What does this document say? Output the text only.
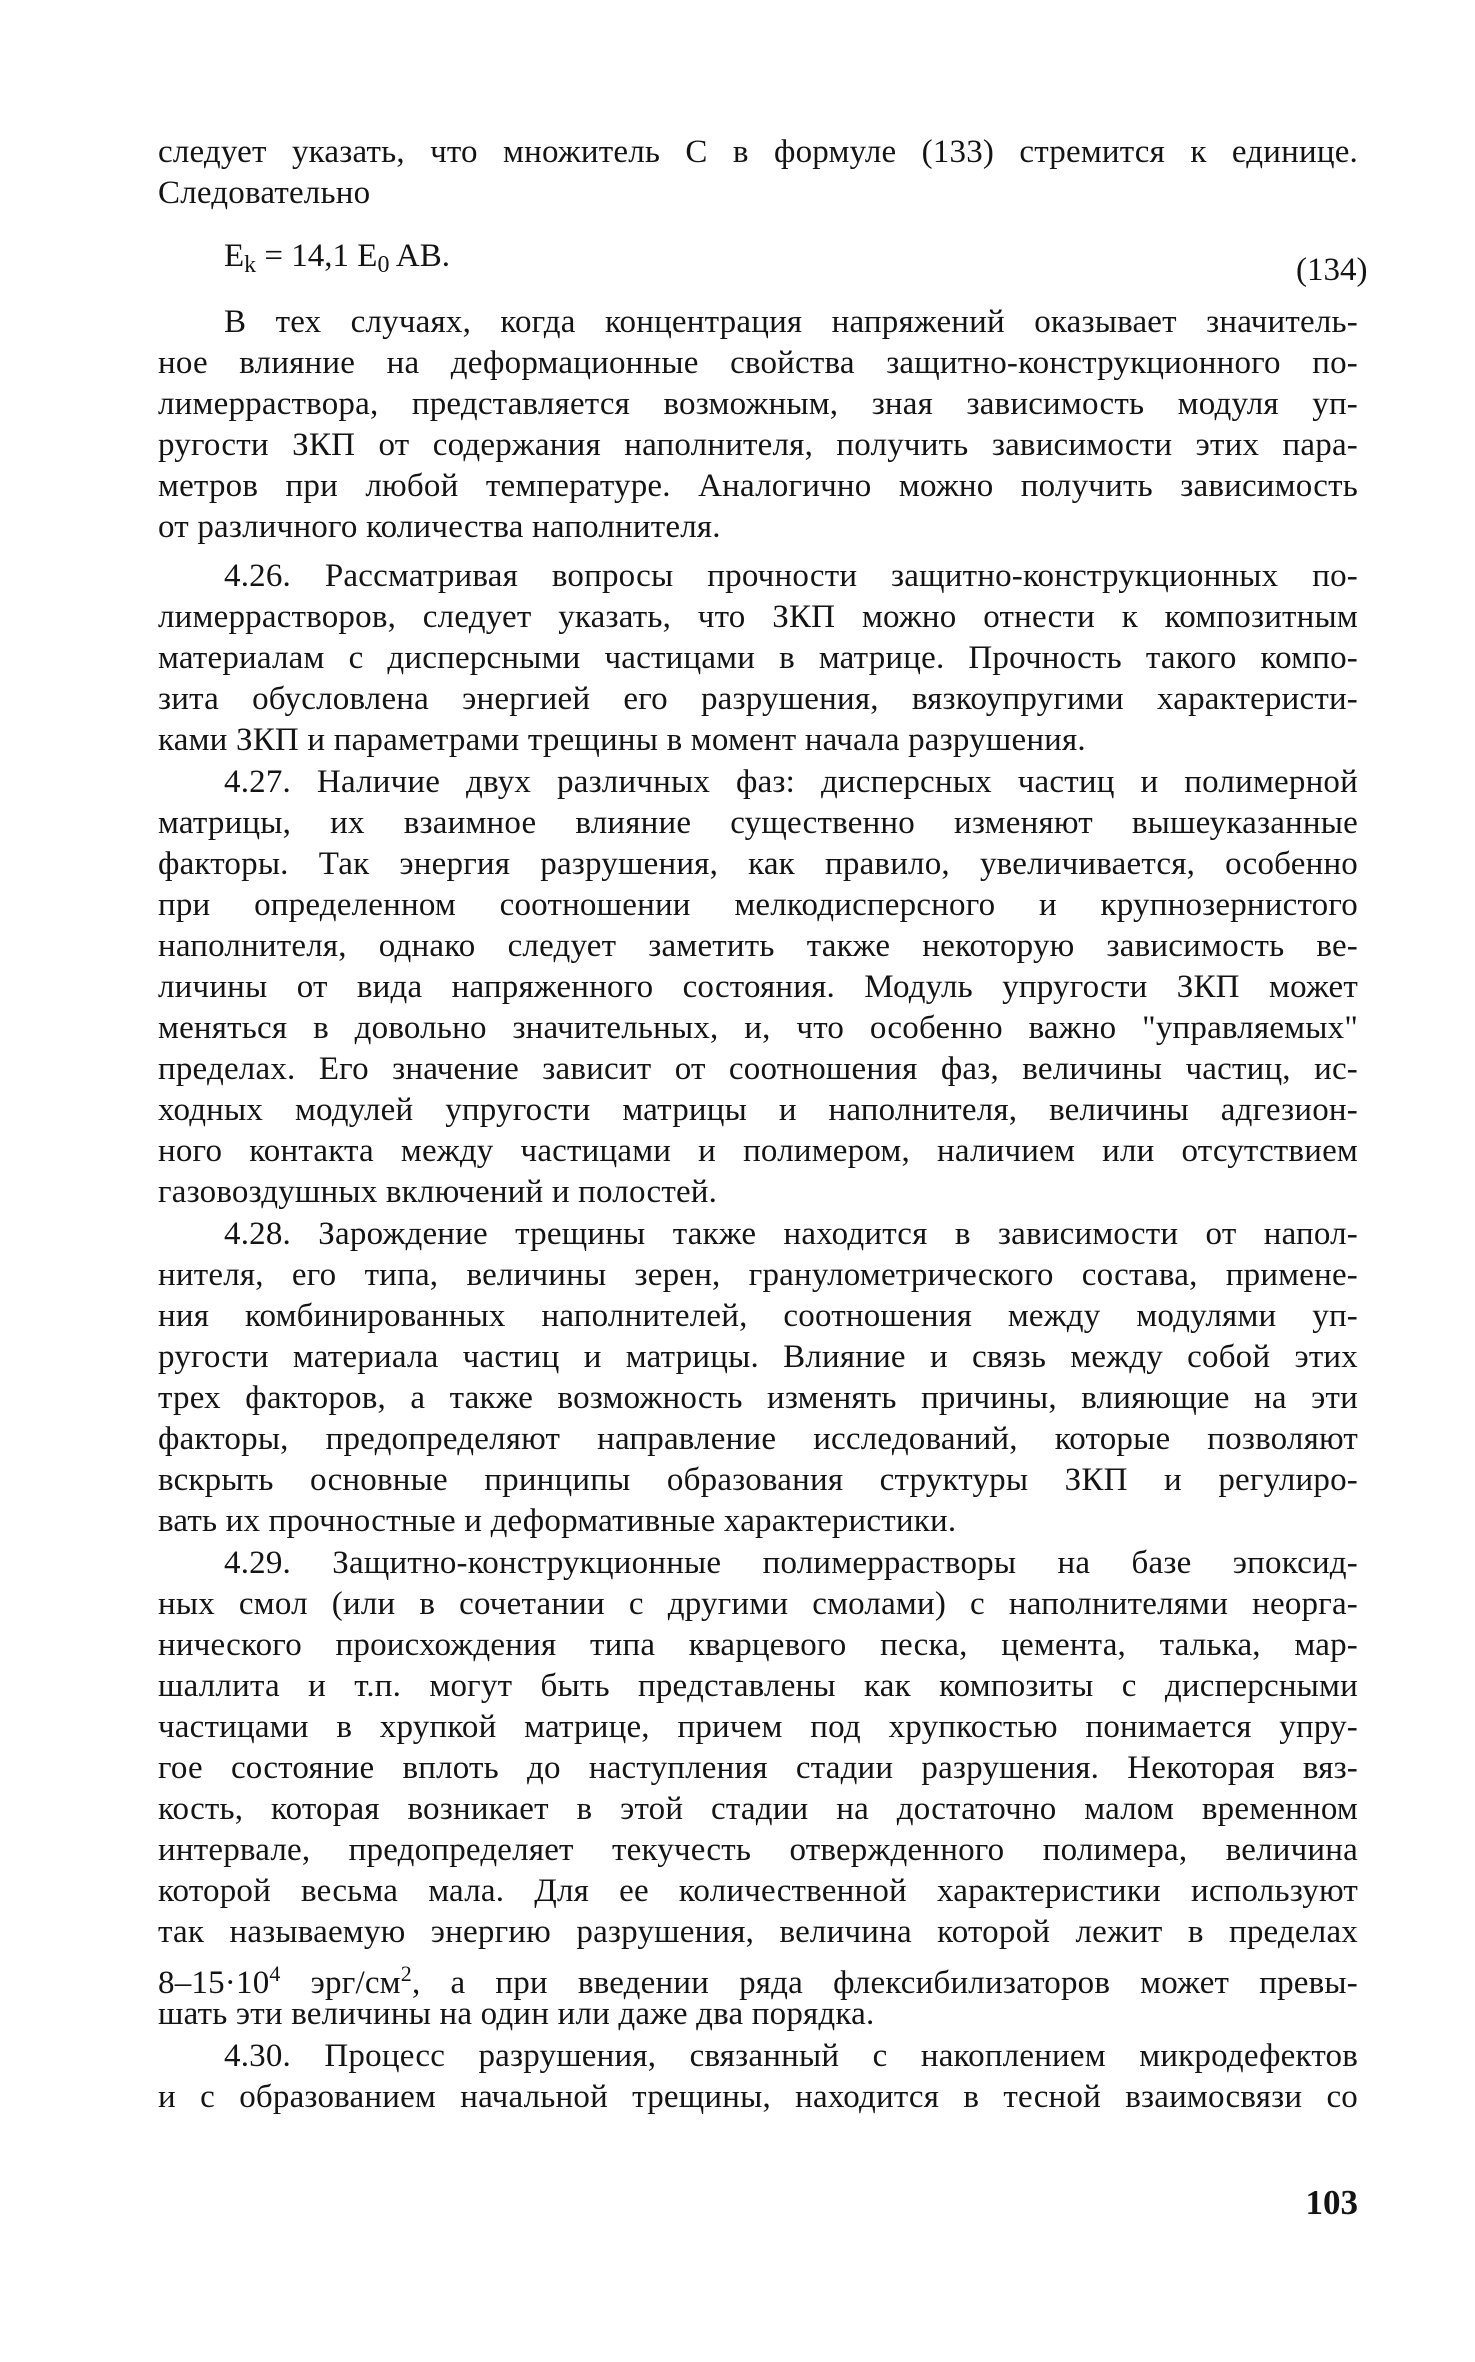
следует указать, что множитель С в формуле (133) стремится к единице.
Следовательно
$E_k = 14,1$ $E_0$ AB.	(134)
В тех случаях, когда концентрация напряжений оказывает значитель-
ное влияние на деформационные свойства защитно-конструкционного по-
лимерраствора, представляется возможным, зная зависимость модуля уп-
ругости ЗКП от содержания наполнителя, получить зависимости этих пара-
метров при любой температуре. Аналогично можно получить зависимость
от различного количества наполнителя.
4.26. Рассматривая вопросы прочности защитно-конструкционных по-
лимеррастворов, следует указать, что ЗКП можно отнести к композитным
материалам с дисперсными частицами в матрице. Прочность такого компо-
зита обусловлена энергией его разрушения, вязкоупругими характеристи-
ками ЗКП и параметрами трещины в момент начала разрушения.
4.27. Наличие двух различных фаз: дисперсных частиц и полимерной
матрицы, их взаимное влияние существенно изменяют вышеуказанные
факторы. Так энергия разрушения, как правило, увеличивается, особенно
при определенном соотношении мелкодисперсного и крупнозернистого
наполнителя, однако следует заметить также некоторую зависимость ве-
личины от вида напряженного состояния. Модуль упругости ЗКП может
меняться в довольно значительных, и, что особенно важно "управляемых"
пределах. Его значение зависит от соотношения фаз, величины частиц, ис-
ходных модулей упругости матрицы и наполнителя, величины адгезион-
ного контакта между частицами и полимером, наличием или отсутствием
газовоздушных включений и полостей.
4.28. Зарождение трещины также находится в зависимости от напол-
нителя, его типа, величины зерен, гранулометрического состава, примене-
ния комбинированных наполнителей, соотношения между модулями уп-
ругости материала частиц и матрицы. Влияние и связь между собой этих
трех факторов, а также возможность изменять причины, влияющие на эти
факторы, предопределяют направление исследований, которые позволяют
вскрыть основные принципы образования структуры ЗКП и регулиро-
вать их прочностные и деформативные характеристики.
4.29. Защитно-конструкционные полимеррастворы на базе эпоксид-
ных смол (или в сочетании с другими смолами) с наполнителями неорга-
нического происхождения типа кварцевого песка, цемента, талька, мар-
шаллита и т.п. могут быть представлены как композиты с дисперсными
частицами в хрупкой матрице, причем под хрупкостью понимается упру-
гое состояние вплоть до наступления стадии разрушения. Некоторая вяз-
кость, которая возникает в этой стадии на достаточно малом временном
интервале, предопределяет текучесть отвержденного полимера, величина
которой весьма мала. Для ее количественной характеристики используют
так называемую энергию разрушения, величина которой лежит в пределах
$8-15\cdot 10^4$ эрг/$см^2$, а при введении ряда флексибилизаторов может превы-
шать эти величины на один или даже два порядка.
4.30. Процесс разрушения, связанный с накоплением микродефектов
и с образованием начальной трещины, находится в тесной взаимосвязи со
103
